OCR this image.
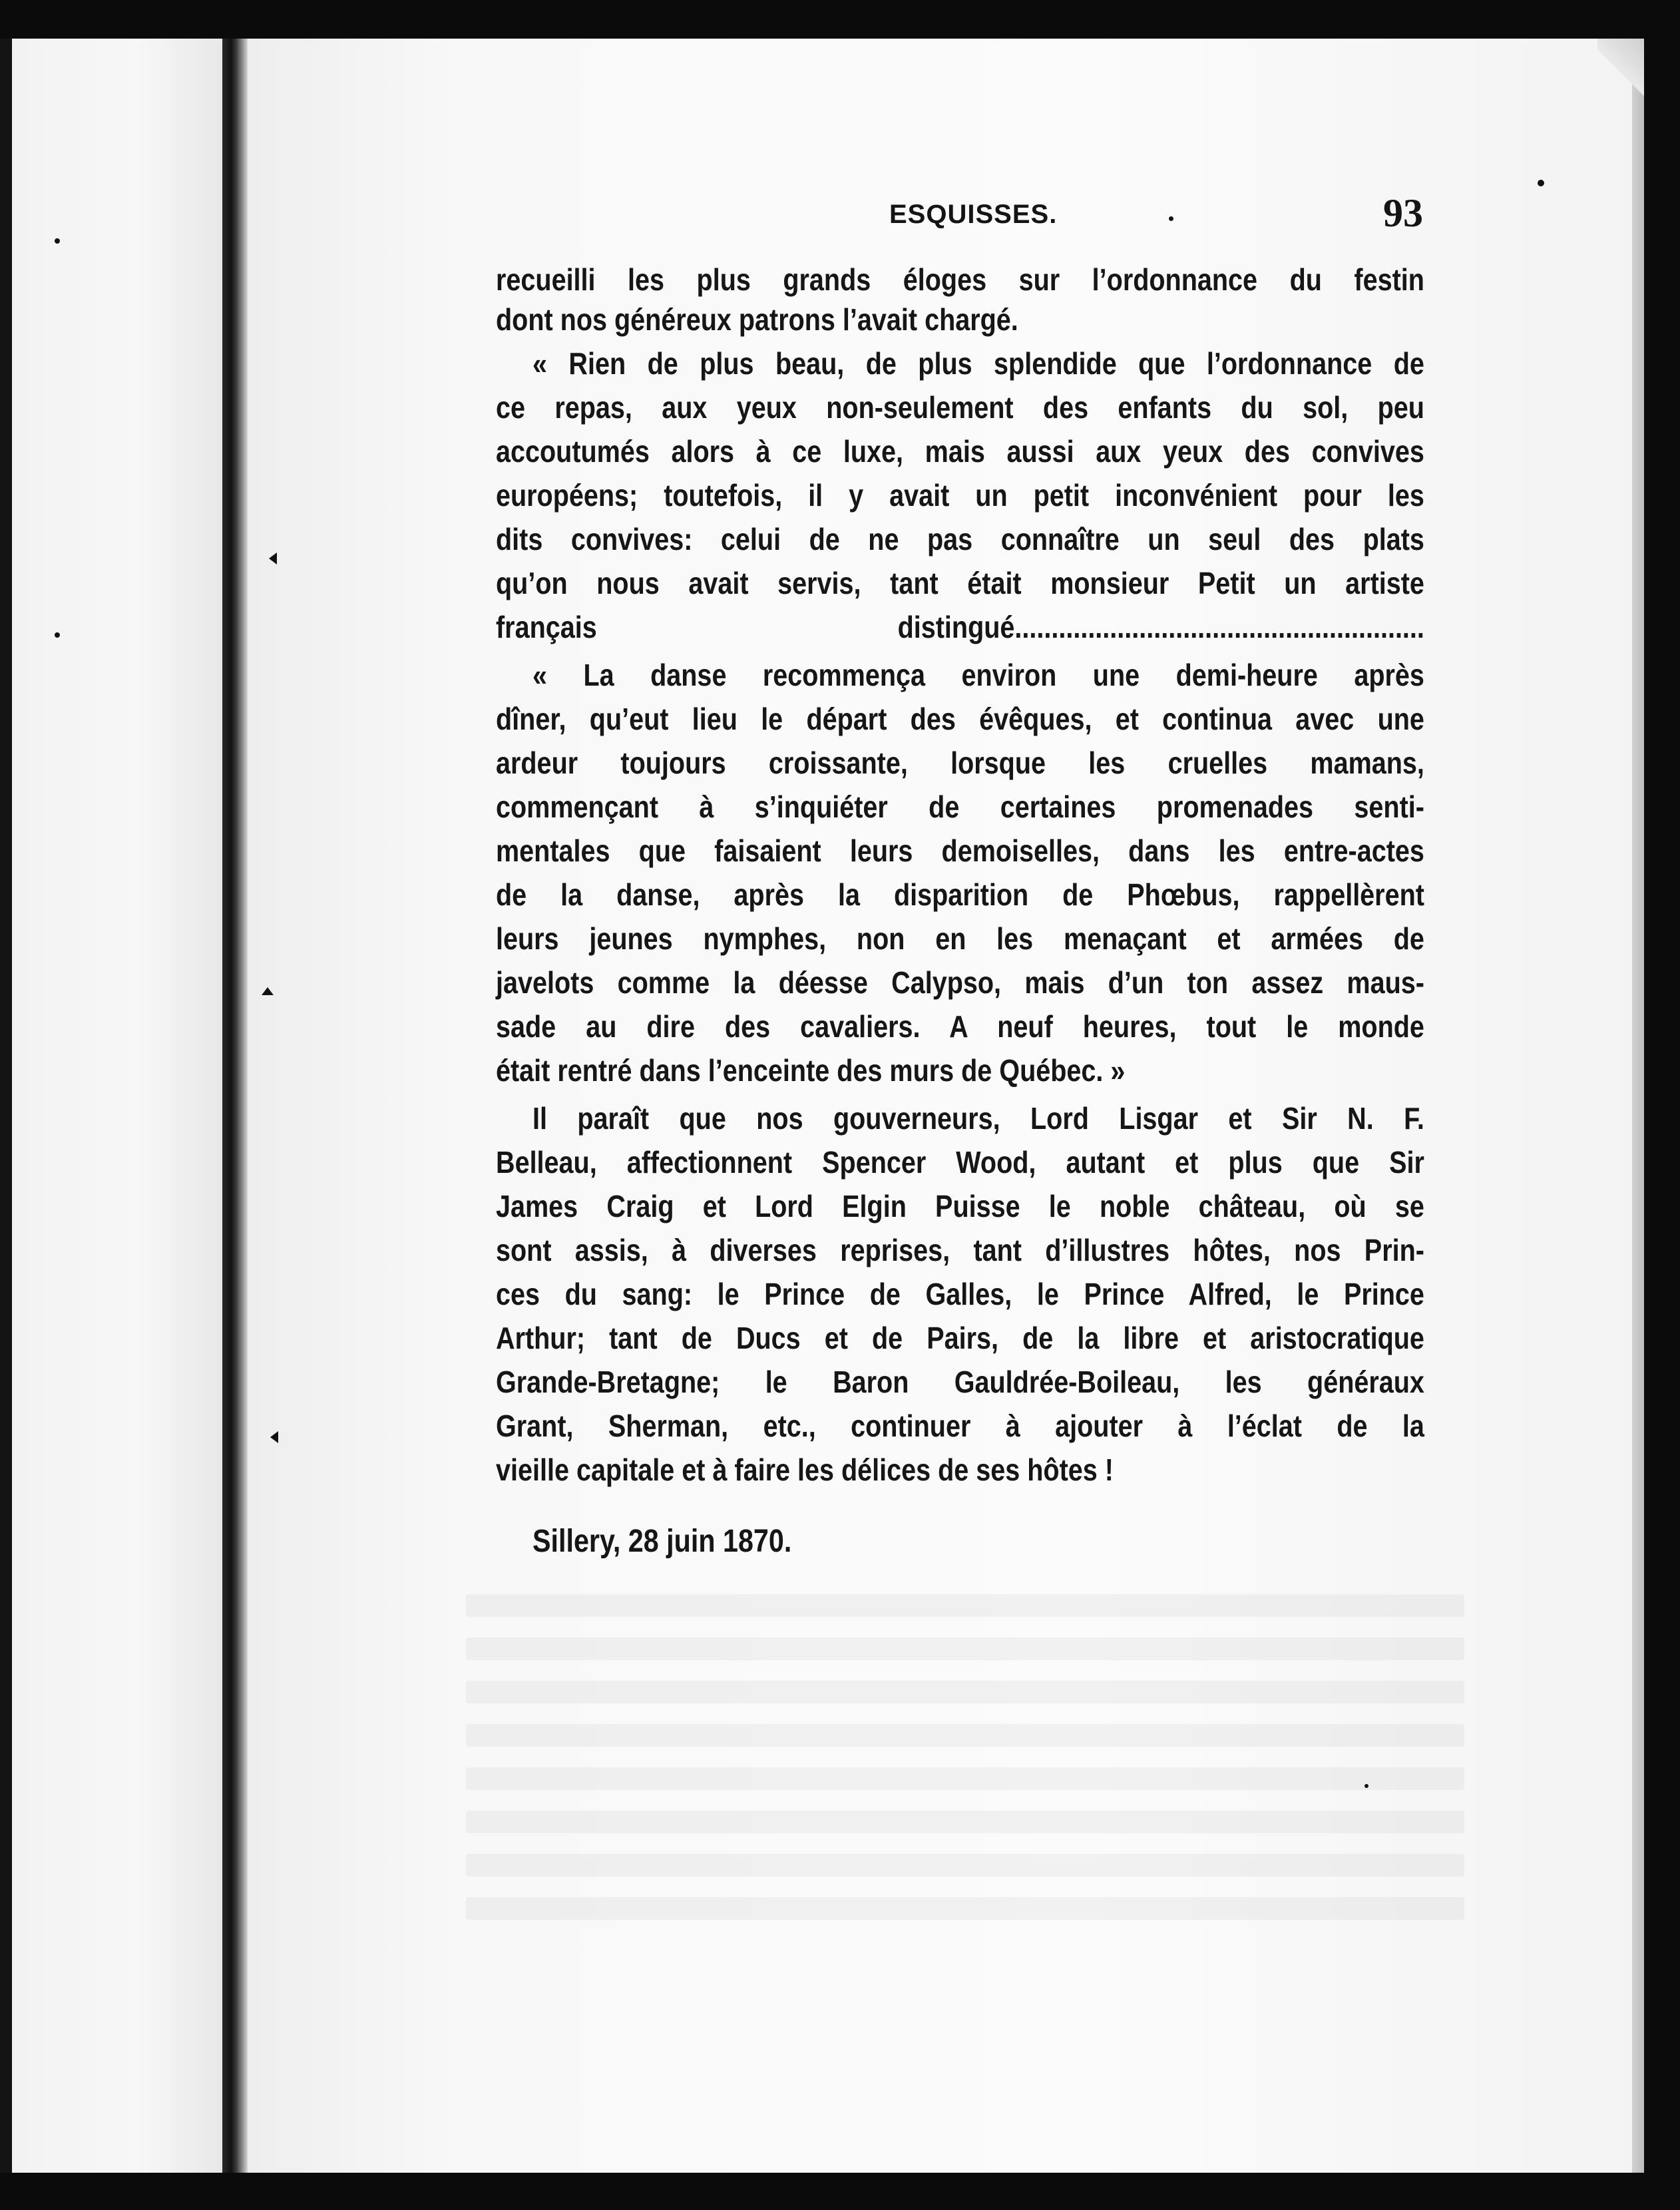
ESQUISSES.	93
recueilli les plus grands éloges sur l’ordonnance du festin
dont nos généreux patrons l’avait chargé.
« Rien de plus beau, de plus splendide que l’ordonnance de
ce repas, aux yeux non-seulement des enfants du sol, peu
accoutumés alors à ce luxe, mais aussi aux yeux des convives
européens; toutefois, il y avait un petit inconvénient pour les
dits convives: celui de ne pas connaître un seul des plats
qu’on nous avait servis, tant était monsieur Petit un artiste
français distingué........................................................
« La danse recommença environ une demi-heure après
dîner, qu’eut lieu le départ des évêques, et continua avec une
ardeur toujours croissante, lorsque les cruelles mamans,
commençant à s’inquiéter de certaines promenades senti-
mentales que faisaient leurs demoiselles, dans les entre-actes
de la danse, après la disparition de Phœbus, rappellèrent
leurs jeunes nymphes, non en les menaçant et armées de
javelots comme la déesse Calypso, mais d’un ton assez maus-
sade au dire des cavaliers. A neuf heures, tout le monde
était rentré dans l’enceinte des murs de Québec. »
Il paraît que nos gouverneurs, Lord Lisgar et Sir N. F.
Belleau, affectionnent Spencer Wood, autant et plus que Sir
James Craig et Lord Elgin Puisse le noble château, où se
sont assis, à diverses reprises, tant d’illustres hôtes, nos Prin-
ces du sang: le Prince de Galles, le Prince Alfred, le Prince
Arthur; tant de Ducs et de Pairs, de la libre et aristocratique
Grande-Bretagne; le Baron Gauldrée-Boileau, les généraux
Grant, Sherman, etc., continuer à ajouter à l’éclat de la
vieille capitale et à faire les délices de ses hôtes !
Sillery, 28 juin 1870.
